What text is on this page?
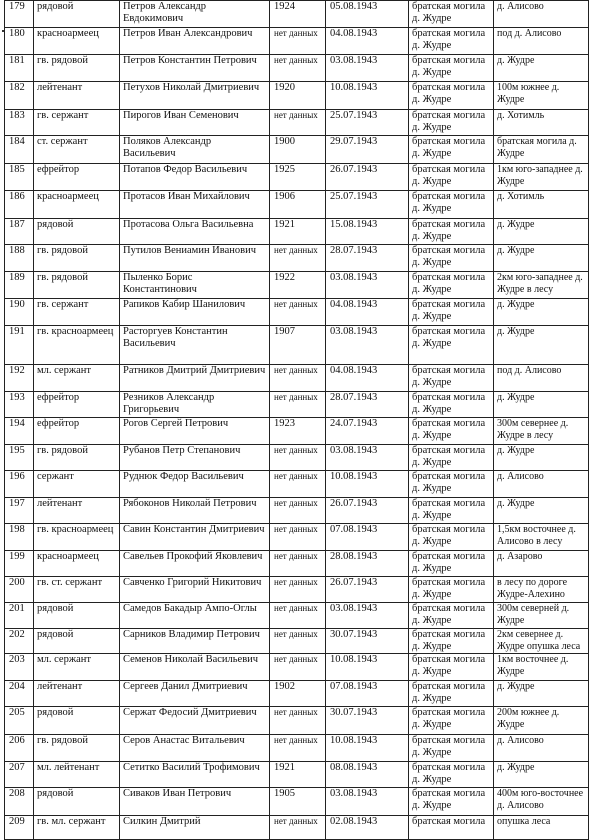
179	рядовой	Петров Александр Евдокимович	1924	05.08.1943	братская могила д. Жудре	д. Алисово
180	красноармеец	Петров Иван Александрович	нет данных	04.08.1943	братская могила д. Жудре	под д. Алисово
181	гв. рядовой	Петров Константин Петрович	нет данных	03.08.1943	братская могила д. Жудре	д. Жудре
182	лейтенант	Петухов Николай Дмитриевич	1920	10.08.1943	братская могила д. Жудре	100м южнее д. Жудре
183	гв. сержант	Пирогов Иван Семенович	нет данных	25.07.1943	братская могила д. Жудре	д. Хотимль
184	ст. сержант	Поляков Александр Васильевич	1900	29.07.1943	братская могила д. Жудре	братская могила д. Жудре
185	ефрейтор	Потапов Федор Васильевич	1925	26.07.1943	братская могила д. Жудре	1км юго-западнее д. Жудре
186	красноармеец	Протасов Иван Михайлович	1906	25.07.1943	братская могила д. Жудре	д. Хотимль
187	рядовой	Протасова Ольга Васильевна	1921	15.08.1943	братская могила д. Жудре	д. Жудре
188	гв. рядовой	Путилов Вениамин Иванович	нет данных	28.07.1943	братская могила д. Жудре	д. Жудре
189	гв. рядовой	Пыленко Борис Константинович	1922	03.08.1943	братская могила д. Жудре	2км юго-западнее д. Жудре в лесу
190	гв. сержант	Рапиков Кабир Шанилович	нет данных	04.08.1943	братская могила д. Жудре	д. Жудре
191	гв. красноармеец	Расторгуев Константин Васильевич	1907	03.08.1943	братская могила д. Жудре	д. Жудре
192	мл. сержант	Ратников Дмитрий Дмитриевич	нет данных	04.08.1943	братская могила д. Жудре	под д. Алисово
193	ефрейтор	Резников Александр Григорьевич	нет данных	28.07.1943	братская могила д. Жудре	д. Жудре
194	ефрейтор	Рогов Сергей Петрович	1923	24.07.1943	братская могила д. Жудре	300м севернее д. Жудре в лесу
195	гв. рядовой	Рубанов Петр Степанович	нет данных	03.08.1943	братская могила д. Жудре	д. Жудре
196	сержант	Руднюк Федор Васильевич	нет данных	10.08.1943	братская могила д. Жудре	д. Алисово
197	лейтенант	Рябоконов Николай Петрович	нет данных	26.07.1943	братская могила д. Жудре	д. Жудре
198	гв. красноармеец	Савин Константин Дмитриевич	нет данных	07.08.1943	братская могила д. Жудре	1,5км восточнее д. Алисово в лесу
199	красноармеец	Савельев Прокофий Яковлевич	нет данных	28.08.1943	братская могила д. Жудре	д. Азарово
200	гв. ст. сержант	Савченко Григорий Никитович	нет данных	26.07.1943	братская могила д. Жудре	в лесу по дороге Жудре-Алехино
201	рядовой	Самедов Бакадыр Ампо-Оглы	нет данных	03.08.1943	братская могила д. Жудре	300м северней д. Жудре
202	рядовой	Сарников Владимир Петрович	нет данных	30.07.1943	братская могила д. Жудре	2км севернее д. Жудре опушка леса
203	мл. сержант	Семенов Николай Васильевич	нет данных	10.08.1943	братская могила д. Жудре	1км восточнее д. Жудре
204	лейтенант	Сергеев Данил Дмитриевич	1902	07.08.1943	братская могила д. Жудре	д. Жудре
205	рядовой	Сержат Федосий Дмитриевич	нет данных	30.07.1943	братская могила д. Жудре	200м южнее д. Жудре
206	гв. рядовой	Серов Анастас Витальевич	нет данных	10.08.1943	братская могила д. Жудре	д. Алисово
207	мл. лейтенант	Сетитко Василий Трофимович	1921	08.08.1943	братская могила д. Жудре	д. Жудре
208	рядовой	Сиваков Иван Петрович	1905	03.08.1943	братская могила д. Жудре	400м юго-восточнее д. Алисово
209	гв. мл. сержант	Силкин Дмитрий	нет данных	02.08.1943	братская могила	опушка леса
